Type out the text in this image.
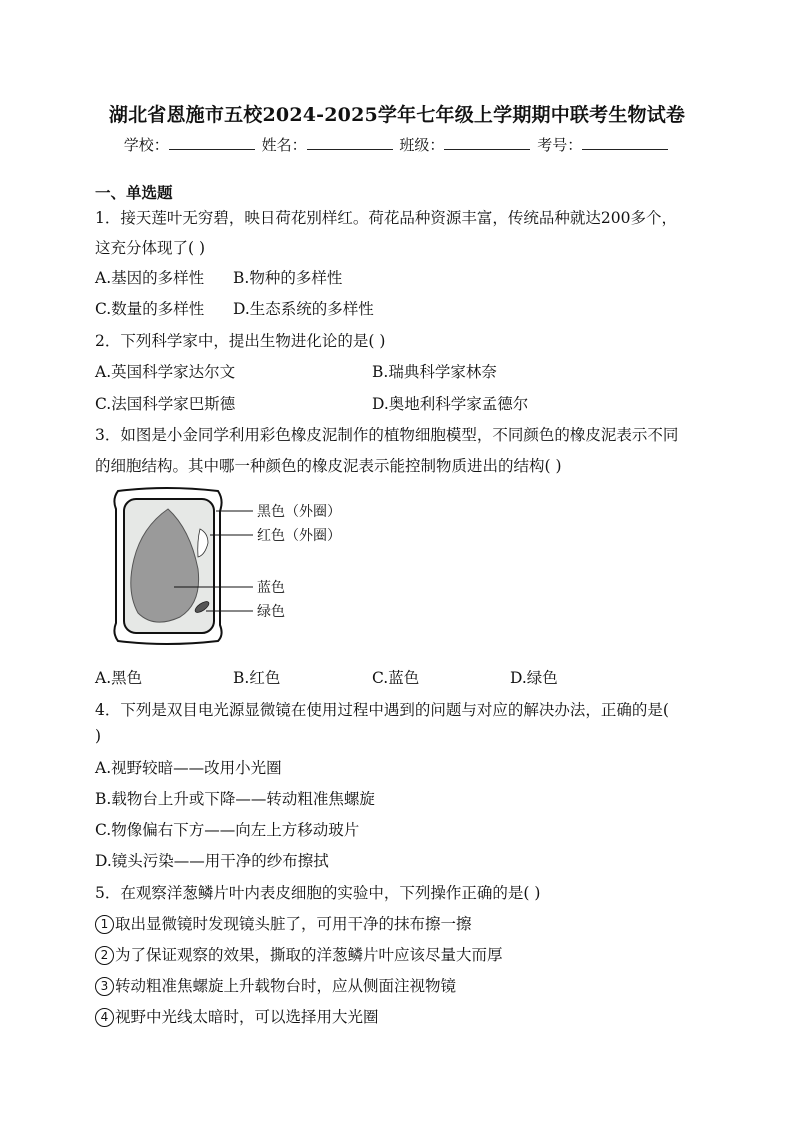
湖北省恩施市五校2024-2025学年七年级上学期期中联考生物试卷
学校：	姓名：	班级：	考号：
一、单选题
1．接天莲叶无穷碧，映日荷花别样红。荷花品种资源丰富，传统品种就达200多个，
这充分体现了( )
A.基因的多样性 B.物种的多样性
C.数量的多样性 D.生态系统的多样性
2．下列科学家中，提出生物进化论的是( )
A.英国科学家达尔文	B.瑞典科学家林奈
C.法国科学家巴斯德	D.奥地利科学家孟德尔
3．如图是小金同学利用彩色橡皮泥制作的植物细胞模型，不同颜色的橡皮泥表示不同
的细胞结构。其中哪一种颜色的橡皮泥表示能控制物质进出的结构( )
黑色（外圈）
红色（外圈）
蓝色
绿色
A.黑色	B.红色	C.蓝色	D.绿色
4．下列是双目电光源显微镜在使用过程中遇到的问题与对应的解决办法，正确的是(
)
A.视野较暗——改用小光圈
B.载物台上升或下降——转动粗准焦螺旋
C.物像偏右下方——向左上方移动玻片
D.镜头污染——用干净的纱布擦拭
5．在观察洋葱鳞片叶内表皮细胞的实验中，下列操作正确的是( )
1 取出显微镜时发现镜头脏了，可用干净的抹布擦一擦
2 为了保证观察的效果，撕取的洋葱鳞片叶应该尽量大而厚
3 转动粗准焦螺旋上升载物台时，应从侧面注视物镜
4 视野中光线太暗时，可以选择用大光圈
